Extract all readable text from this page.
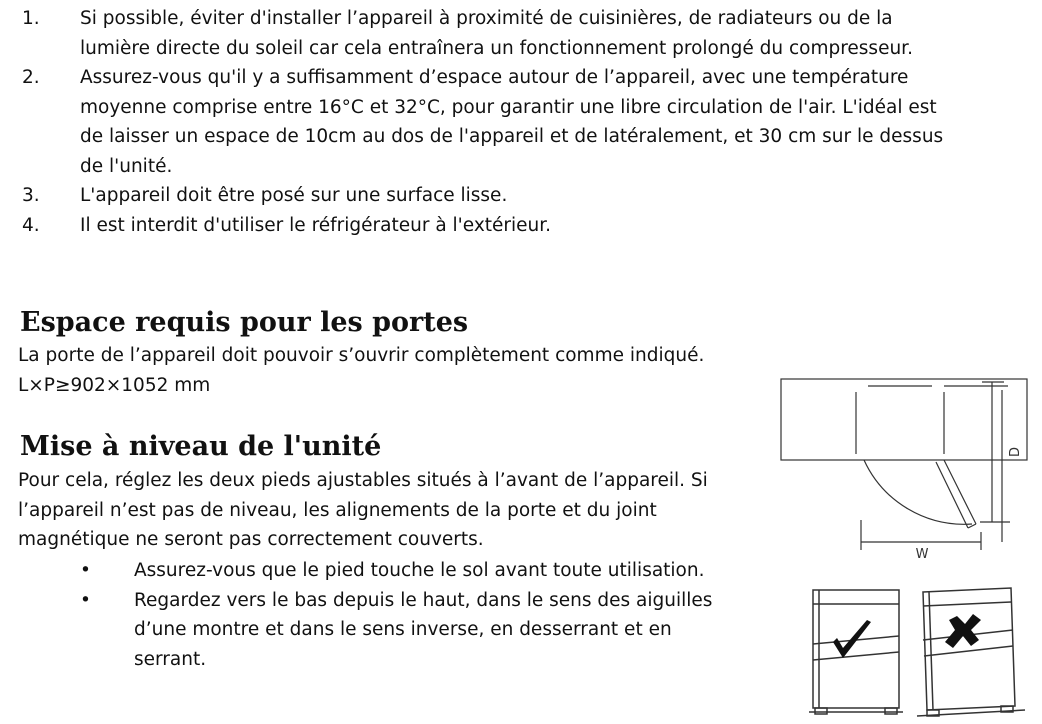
1. Si possible, éviter d'installer l’appareil à proximité de cuisinières, de radiateurs ou de la lumière directe du soleil car cela entraînera un fonctionnement prolongé du compresseur.
2. Assurez-vous qu'il y a suffisamment d’espace autour de l’appareil, avec une température moyenne comprise entre 16°C et 32°C, pour garantir une libre circulation de l'air. L'idéal est de laisser un espace de 10cm au dos de l'appareil et de latéralement, et 30 cm sur le dessus de l'unité.
3. L'appareil doit être posé sur une surface lisse.
4. Il est interdit d'utiliser le réfrigérateur à l'extérieur.
Espace requis pour les portes

La porte de l’appareil doit pouvoir s’ouvrir complètement comme indiqué.

L×P≥902×1052 mm

Mise à niveau de l'unité

Pour cela, réglez les deux pieds ajustables situés à l’avant de l’appareil. Si l’appareil n’est pas de niveau, les alignements de la porte et du joint magnétique ne seront pas correctement couverts.

• Assurez-vous que le pied touche le sol avant toute utilisation.
• Regardez vers le bas depuis le haut, dans le sens des aiguilles d’une montre et dans le sens inverse, en desserrant et en serrant.
W
D
